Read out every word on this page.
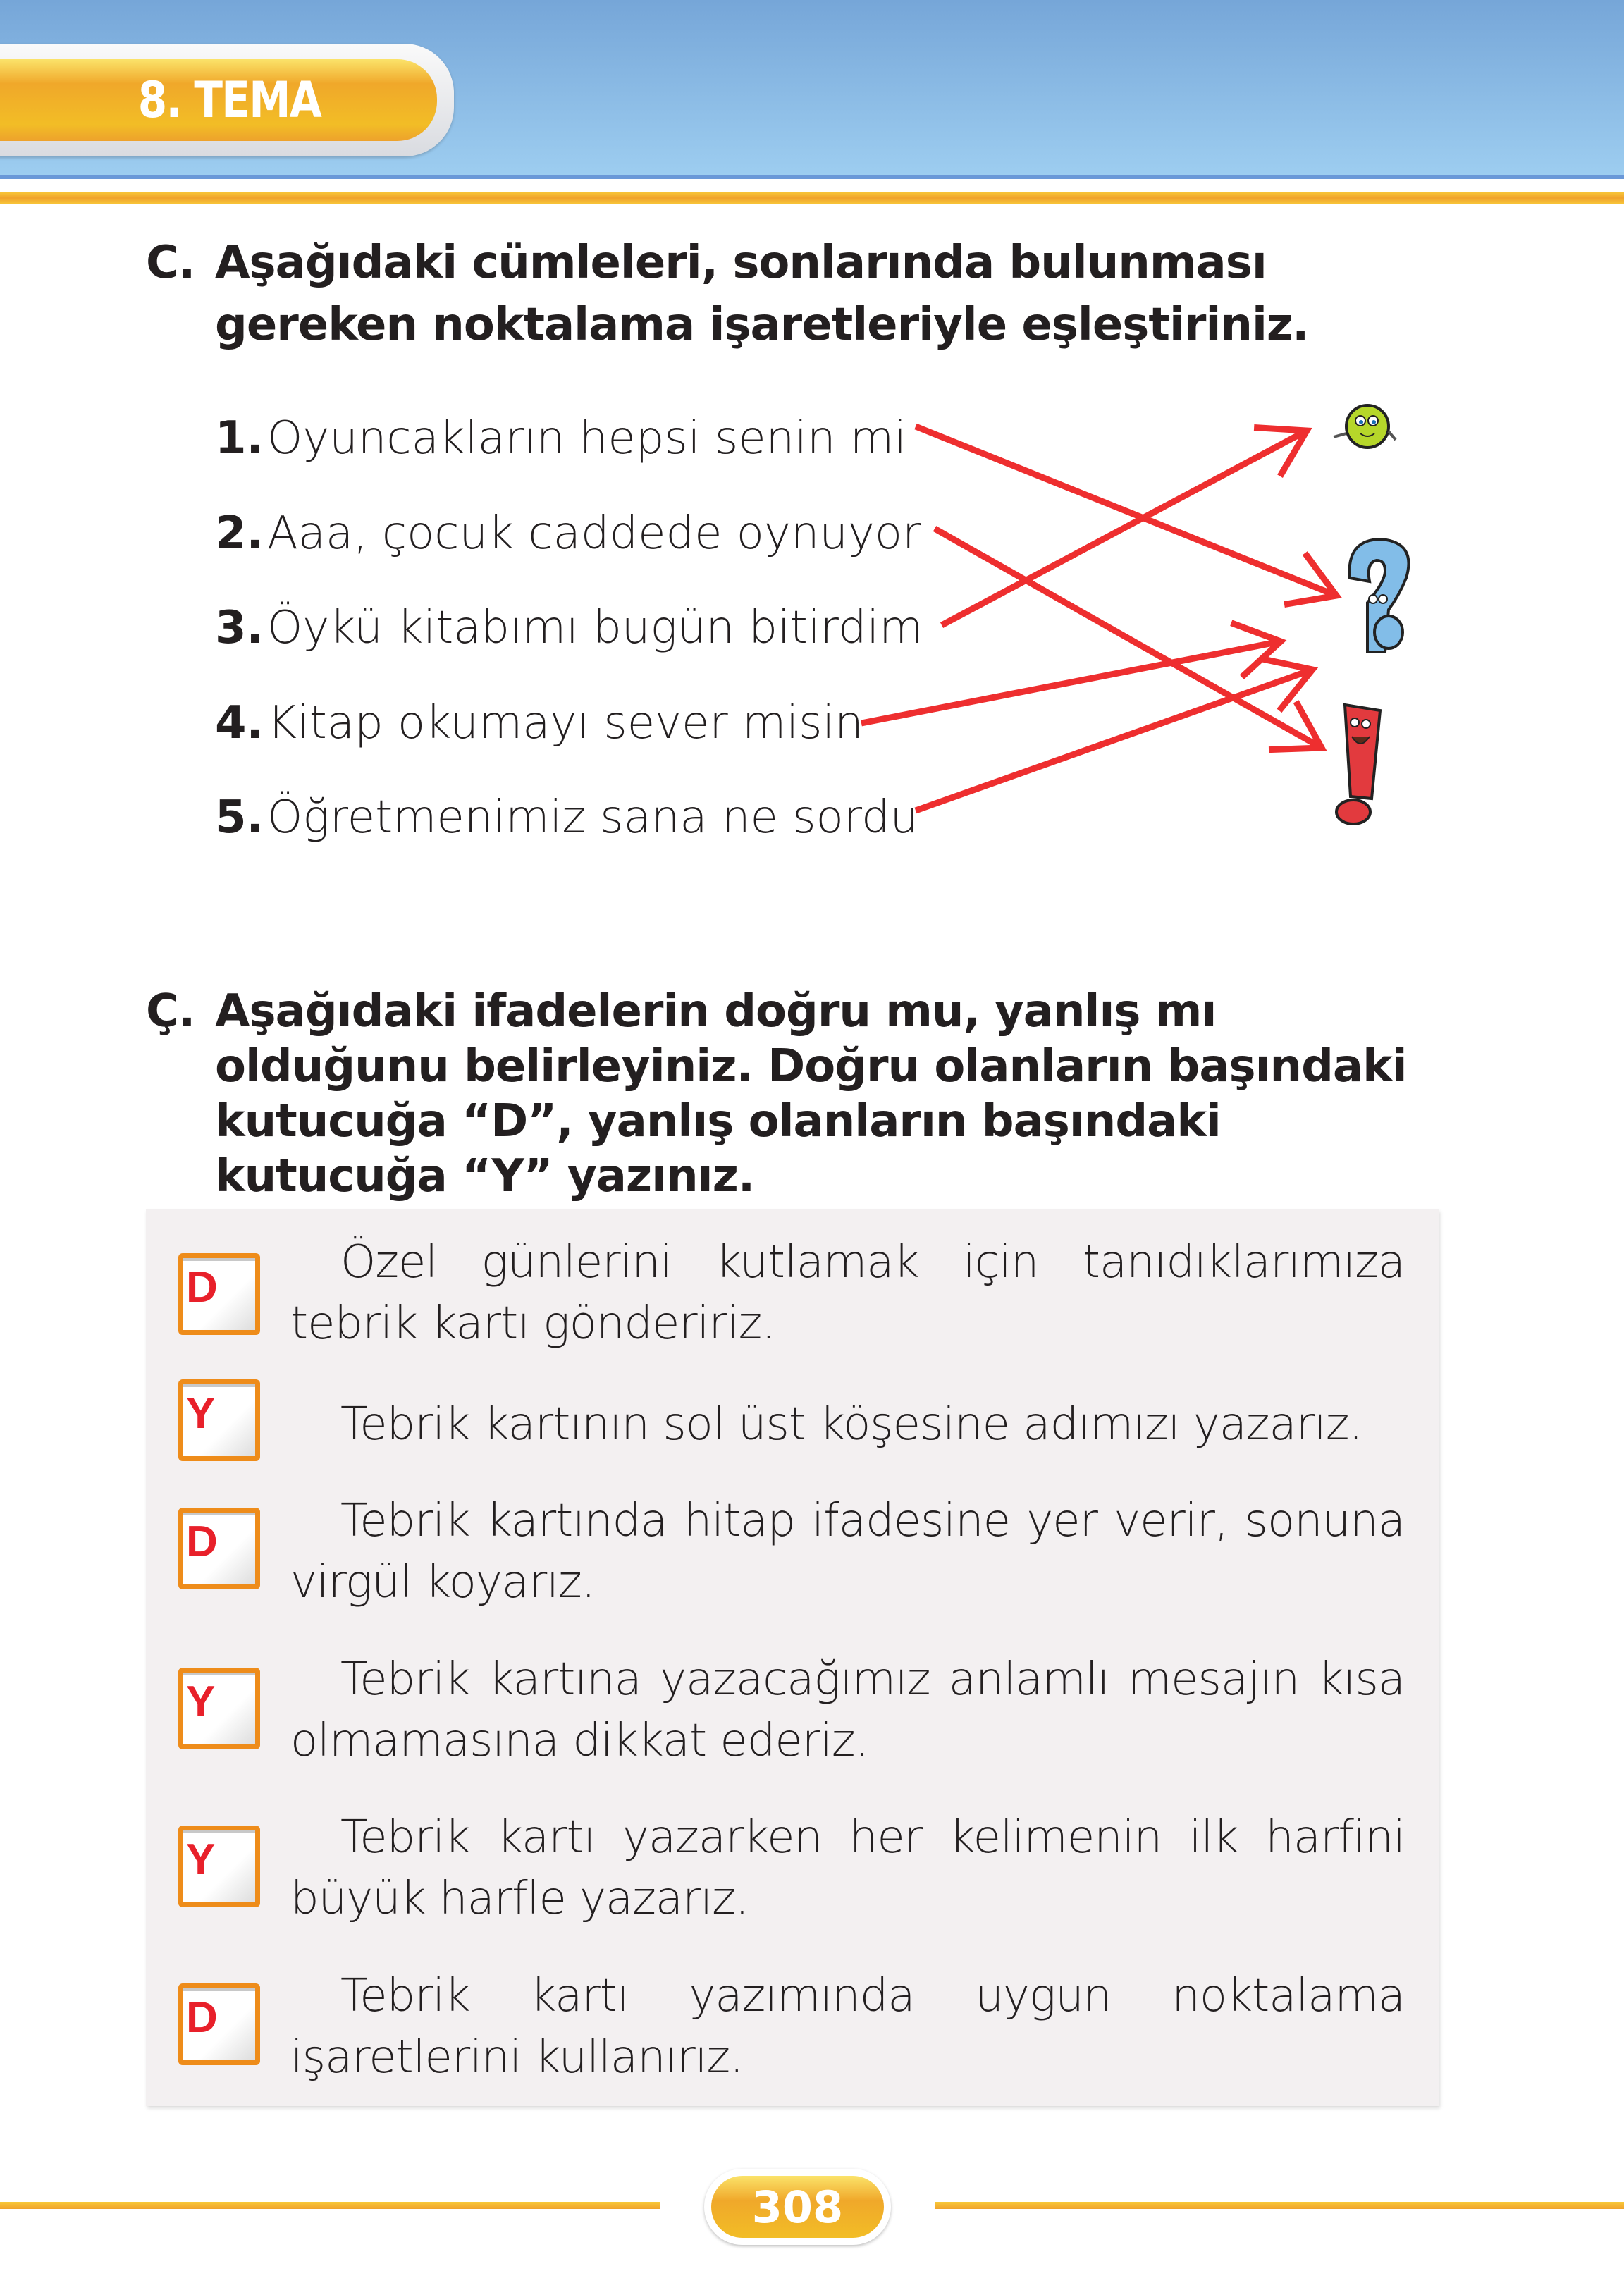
8. TEMA
C. Aşağıdaki cümleleri, sonlarında bulunması gereken noktalama işaretleriyle eşleştiriniz.
1.Oyuncakların hepsi senin mi
2.Aaa, çocuk caddede oynuyor
3.Öykü kitabımı bugün bitirdim
4.Kitap okumayı sever misin
5.Öğretmenimiz sana ne sordu
Ç. Aşağıdaki ifadelerin doğru mu, yanlış mı olduğunu belirleyiniz. Doğru olanların başındaki kutucuğa “D”, yanlış olanların başındaki kutucuğa “Y” yazınız.
D	Özel günlerini kutlamak için tanıdıklarımıza tebrik kartı göndeririz.
Y	Tebrik kartının sol üst köşesine adımızı yazarız.
D	Tebrik kartında hitap ifadesine yer verir, sonuna virgül koyarız.
Y	Tebrik kartına yazacağımız anlamlı mesajın kısa olmamasına dikkat ederiz.
Y	Tebrik kartı yazarken her kelimenin ilk harfini büyük harfle yazarız.
D	Tebrik kartı yazımında uygun noktalama işaretlerini kullanırız.
308
